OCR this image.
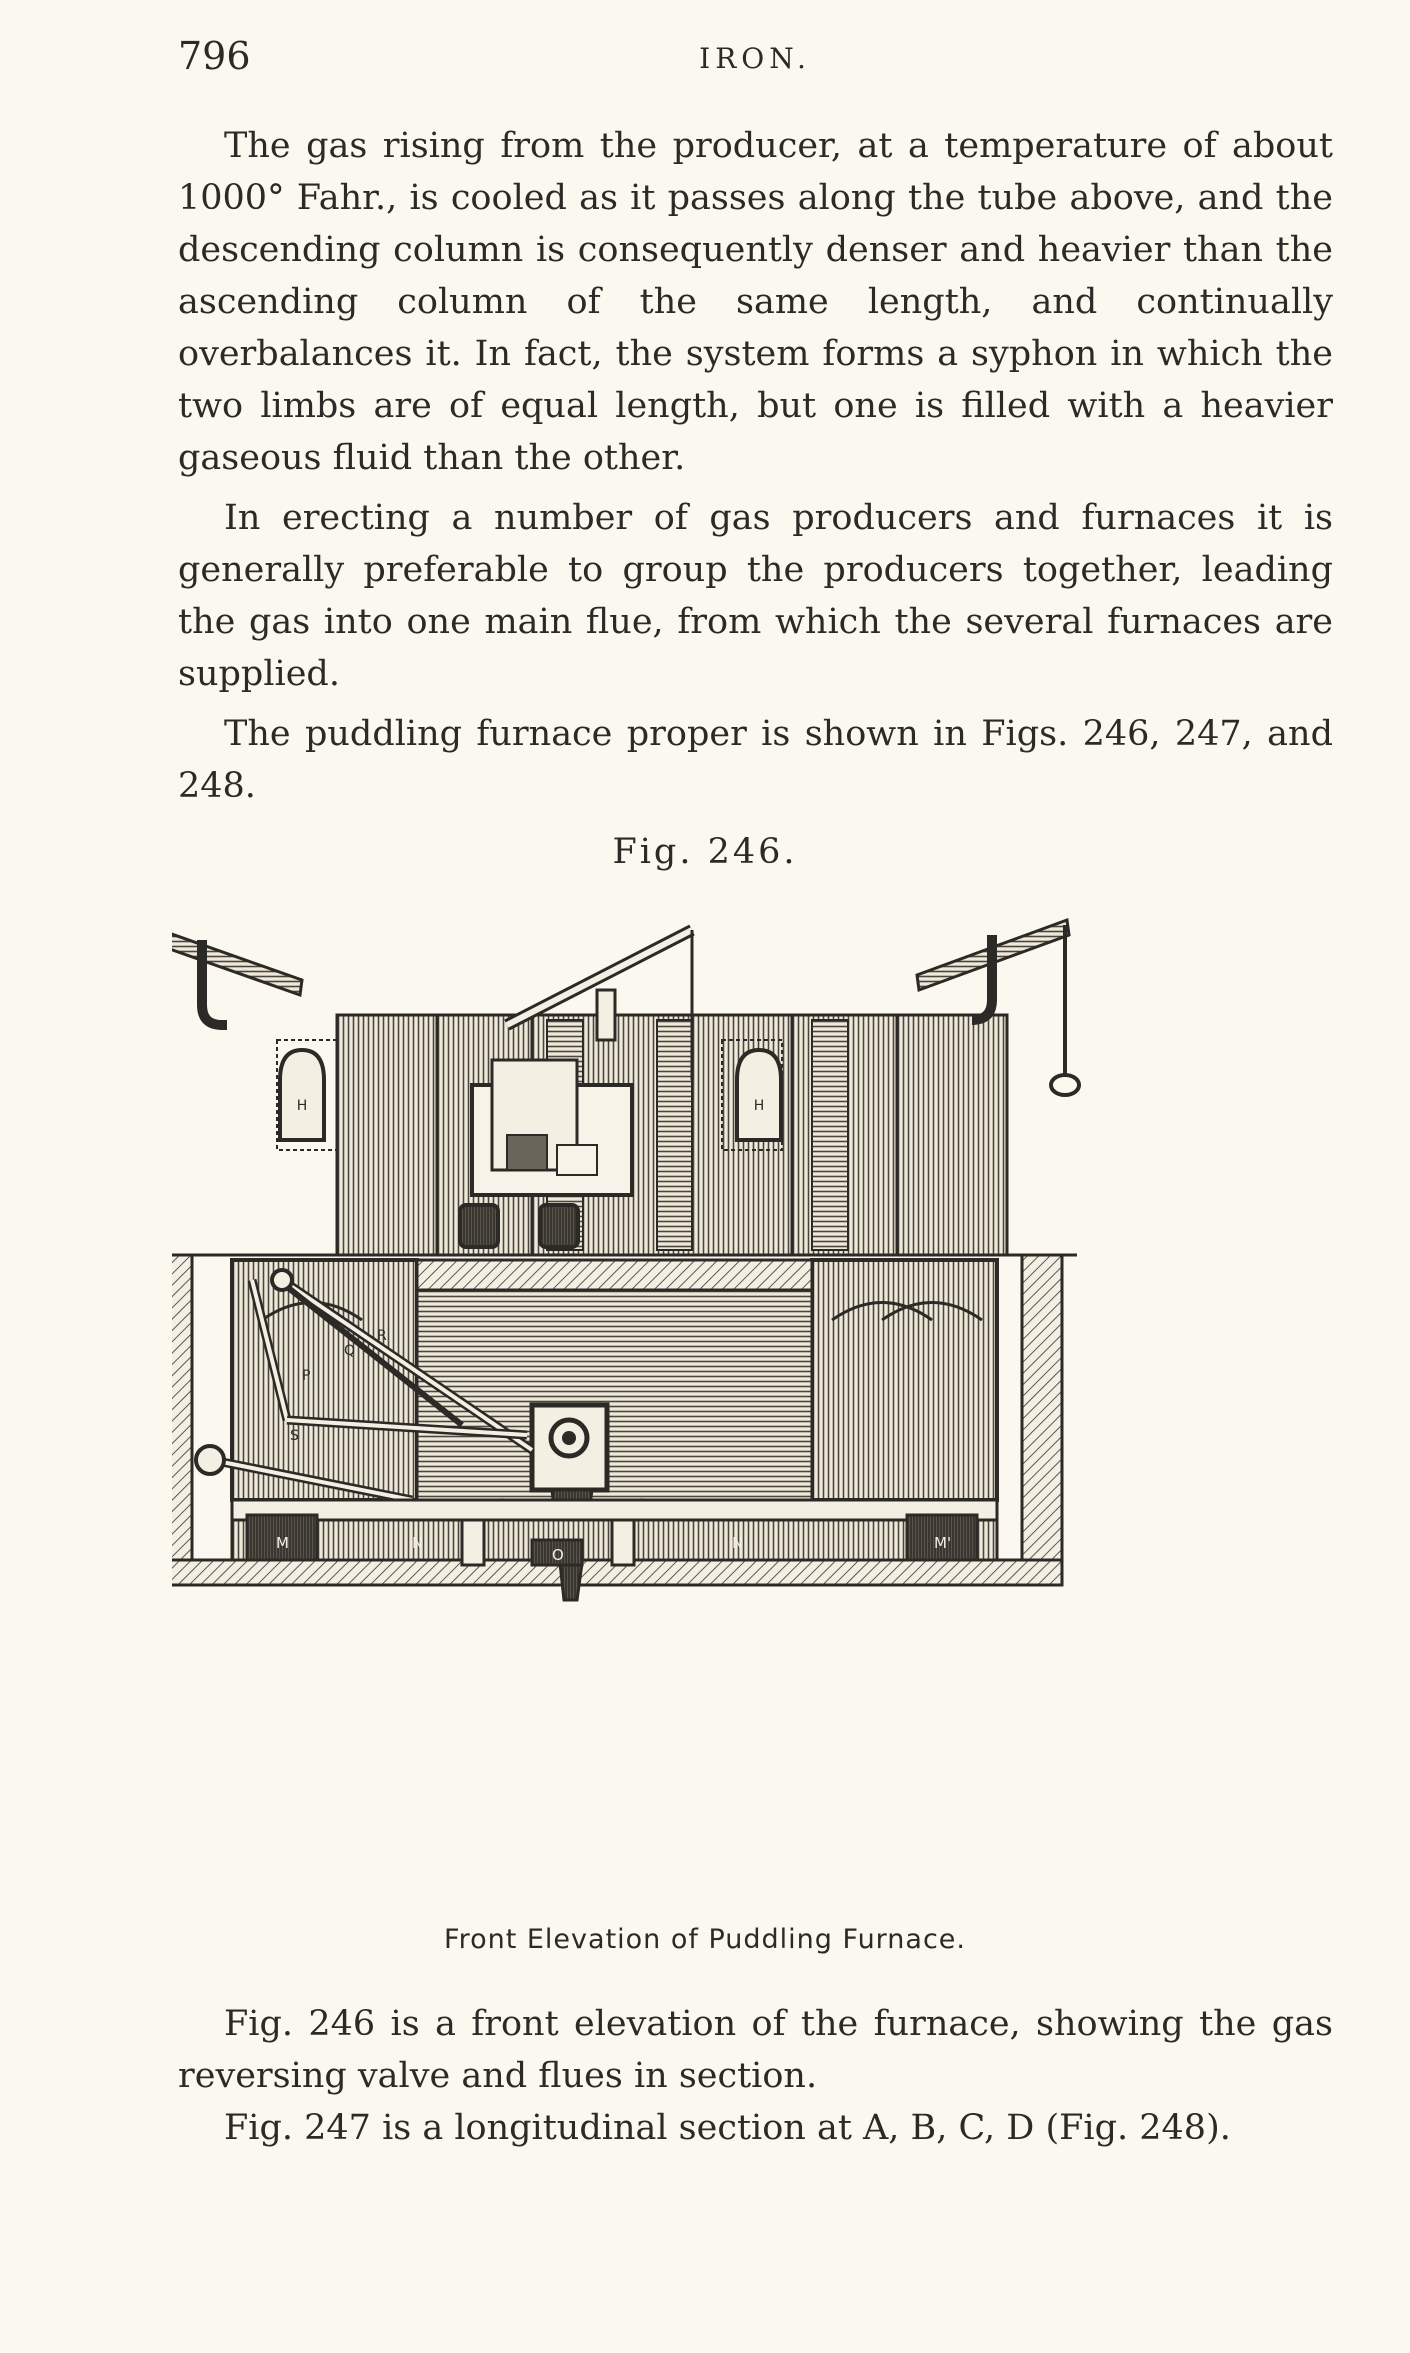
796	IRON.

The gas rising from the producer, at a temperature of about 1000° Fahr., is cooled as it passes along the tube above, and the descending column is consequently denser and heavier than the ascending column of the same length, and continually overbalances it. In fact, the system forms a syphon in which the two limbs are of equal length, but one is filled with a heavier gaseous fluid than the other.

In erecting a number of gas producers and furnaces it is generally preferable to group the producers together, leading the gas into one main flue, from which the several furnaces are supplied.

The puddling furnace proper is shown in Figs. 246, 247, and 248.

Fig. 246.
H	H
P
Q
R
S
M	N
O
N'	M'
Front Elevation of Puddling Furnace.

Fig. 246 is a front elevation of the furnace, showing the gas reversing valve and flues in section.

Fig. 247 is a longitudinal section at A, B, C, D (Fig. 248).
